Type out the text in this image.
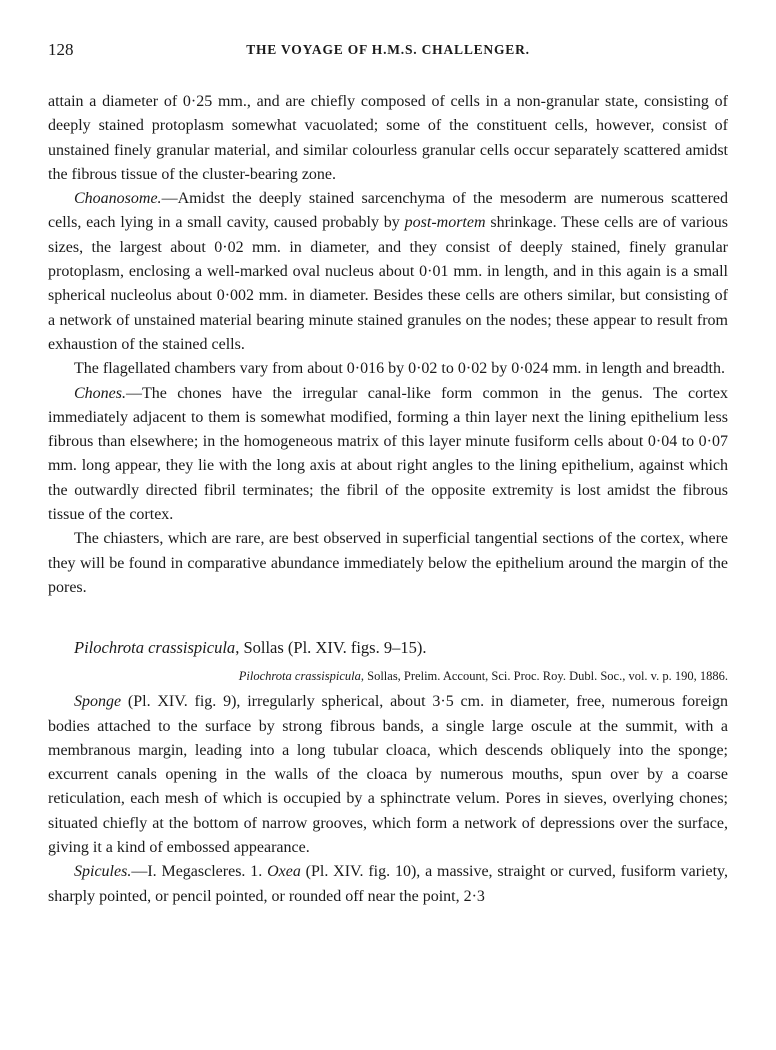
128	THE VOYAGE OF H.M.S. CHALLENGER.

attain a diameter of 0·25 mm., and are chiefly composed of cells in a non-granular state, consisting of deeply stained protoplasm somewhat vacuolated; some of the constituent cells, however, consist of unstained finely granular material, and similar colourless granular cells occur separately scattered amidst the fibrous tissue of the cluster-bearing zone.

Choanosome.—Amidst the deeply stained sarcenchyma of the mesoderm are numerous scattered cells, each lying in a small cavity, caused probably by post-mortem shrinkage. These cells are of various sizes, the largest about 0·02 mm. in diameter, and they consist of deeply stained, finely granular protoplasm, enclosing a well-marked oval nucleus about 0·01 mm. in length, and in this again is a small spherical nucleolus about 0·002 mm. in diameter. Besides these cells are others similar, but consisting of a network of unstained material bearing minute stained granules on the nodes; these appear to result from exhaustion of the stained cells.

The flagellated chambers vary from about 0·016 by 0·02 to 0·02 by 0·024 mm. in length and breadth.

Chones.—The chones have the irregular canal-like form common in the genus. The cortex immediately adjacent to them is somewhat modified, forming a thin layer next the lining epithelium less fibrous than elsewhere; in the homogeneous matrix of this layer minute fusiform cells about 0·04 to 0·07 mm. long appear, they lie with the long axis at about right angles to the lining epithelium, against which the outwardly directed fibril terminates; the fibril of the opposite extremity is lost amidst the fibrous tissue of the cortex.

The chiasters, which are rare, are best observed in superficial tangential sections of the cortex, where they will be found in comparative abundance immediately below the epithelium around the margin of the pores.

Pilochrota crassispicula, Sollas (Pl. XIV. figs. 9–15).

Pilochrota crassispicula, Sollas, Prelim. Account, Sci. Proc. Roy. Dubl. Soc., vol. v. p. 190, 1886.

Sponge (Pl. XIV. fig. 9), irregularly spherical, about 3·5 cm. in diameter, free, numerous foreign bodies attached to the surface by strong fibrous bands, a single large oscule at the summit, with a membranous margin, leading into a long tubular cloaca, which descends obliquely into the sponge; excurrent canals opening in the walls of the cloaca by numerous mouths, spun over by a coarse reticulation, each mesh of which is occupied by a sphinctrate velum. Pores in sieves, overlying chones; situated chiefly at the bottom of narrow grooves, which form a network of depressions over the surface, giving it a kind of embossed appearance.

Spicules.—I. Megascleres. 1. Oxea (Pl. XIV. fig. 10), a massive, straight or curved, fusiform variety, sharply pointed, or pencil pointed, or rounded off near the point, 2·3
